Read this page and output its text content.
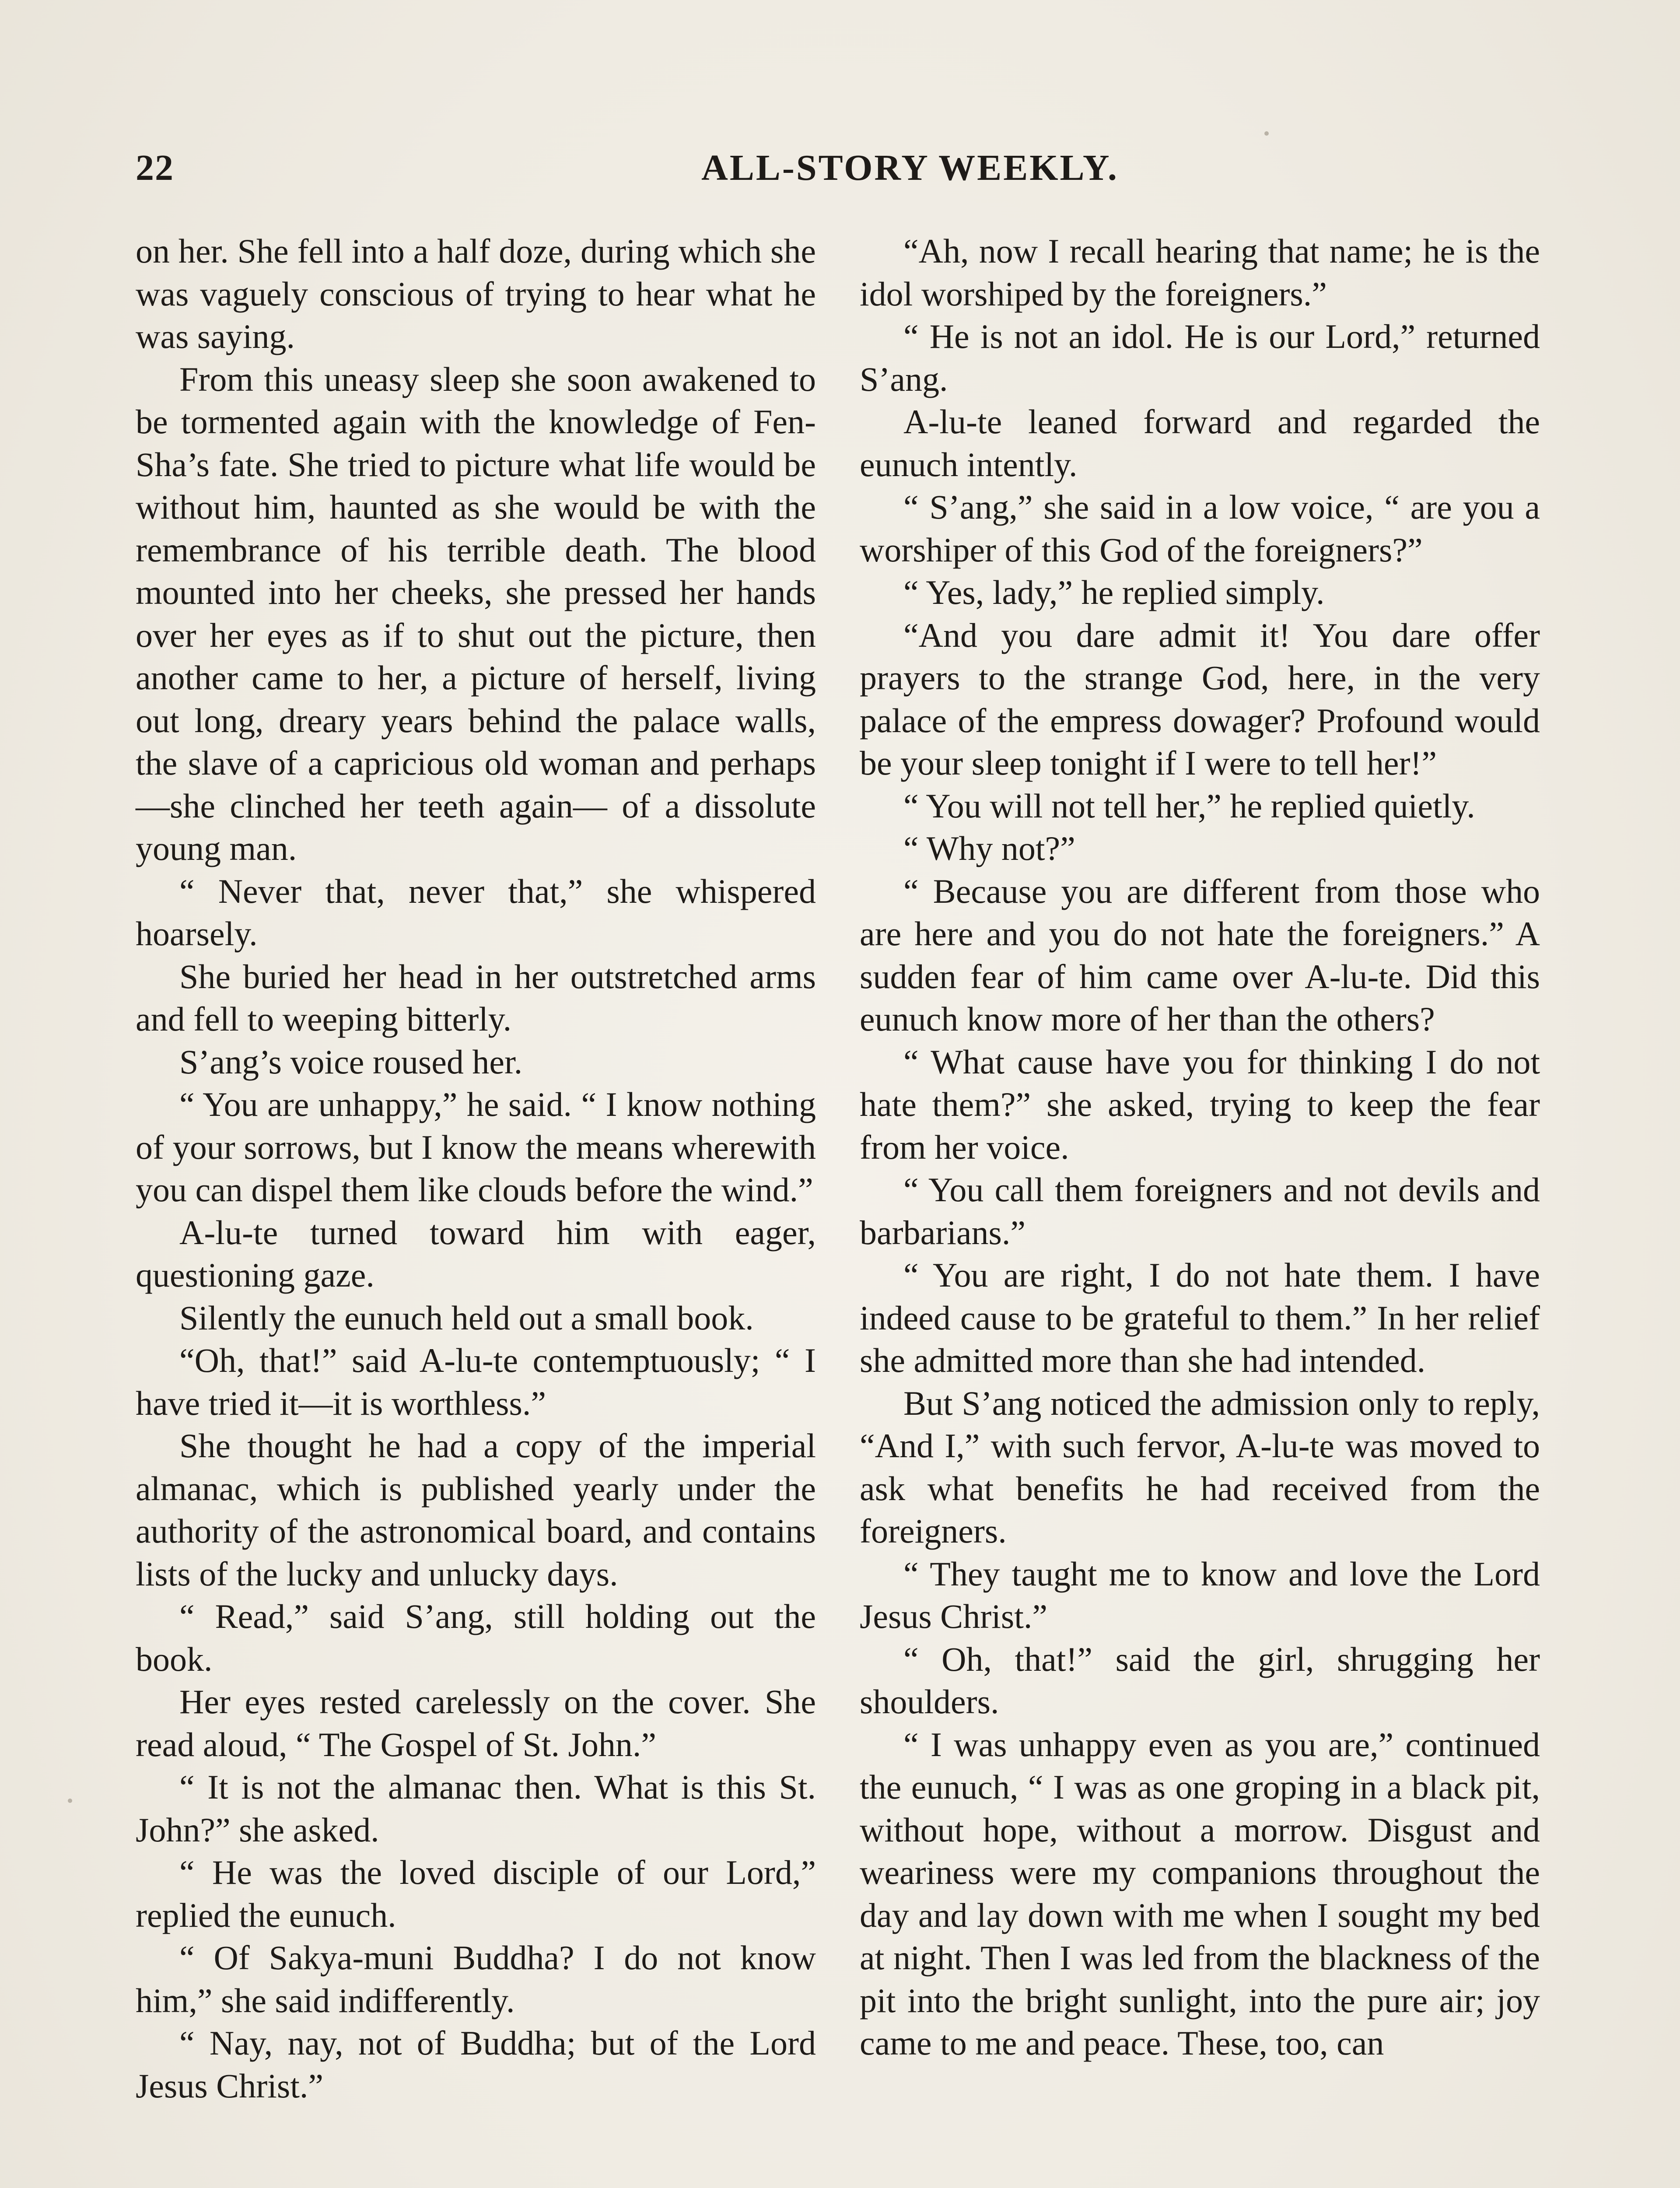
22	ALL-STORY WEEKLY.

on her. She fell into a half doze, during which she was vaguely conscious of trying to hear what he was saying.

From this uneasy sleep she soon awakened to be tormented again with the knowledge of Fen-Sha’s fate. She tried to picture what life would be without him, haunted as she would be with the remembrance of his terrible death. The blood mounted into her cheeks, she pressed her hands over her eyes as if to shut out the picture, then another came to her, a picture of herself, living out long, dreary years behind the palace walls, the slave of a capricious old woman and perhaps—she clinched her teeth again— of a dissolute young man.

“ Never that, never that,” she whispered hoarsely.

She buried her head in her outstretched arms and fell to weeping bitterly.

S’ang’s voice roused her.

“ You are unhappy,” he said. “ I know nothing of your sorrows, but I know the means wherewith you can dispel them like clouds before the wind.”

A-lu-te turned toward him with eager, questioning gaze.

Silently the eunuch held out a small book.

“Oh, that!” said A-lu-te contemptuously; “ I have tried it—it is worthless.”

She thought he had a copy of the imperial almanac, which is published yearly under the authority of the astronomical board, and contains lists of the lucky and unlucky days.

“ Read,” said S’ang, still holding out the book.

Her eyes rested carelessly on the cover. She read aloud, “ The Gospel of St. John.”

“ It is not the almanac then. What is this St. John?” she asked.

“ He was the loved disciple of our Lord,” replied the eunuch.

“ Of Sakya-muni Buddha? I do not know him,” she said indifferently.

“ Nay, nay, not of Buddha; but of the Lord Jesus Christ.”

“Ah, now I recall hearing that name; he is the idol worshiped by the foreigners.”

“ He is not an idol. He is our Lord,” returned S’ang.

A-lu-te leaned forward and regarded the eunuch intently.

“ S’ang,” she said in a low voice, “ are you a worshiper of this God of the foreigners?”

“ Yes, lady,” he replied simply.

“And you dare admit it! You dare offer prayers to the strange God, here, in the very palace of the empress dowager? Profound would be your sleep tonight if I were to tell her!”

“ You will not tell her,” he replied quietly.

“ Why not?”

“ Because you are different from those who are here and you do not hate the foreigners.” A sudden fear of him came over A-lu-te. Did this eunuch know more of her than the others?

“ What cause have you for thinking I do not hate them?” she asked, trying to keep the fear from her voice.

“ You call them foreigners and not devils and barbarians.”

“ You are right, I do not hate them. I have indeed cause to be grateful to them.” In her relief she admitted more than she had intended.

But S’ang noticed the admission only to reply, “And I,” with such fervor, A-lu-te was moved to ask what benefits he had received from the foreigners.

“ They taught me to know and love the Lord Jesus Christ.”

“ Oh, that!” said the girl, shrugging her shoulders.

“ I was unhappy even as you are,” continued the eunuch, “ I was as one groping in a black pit, without hope, without a morrow. Disgust and weariness were my companions throughout the day and lay down with me when I sought my bed at night. Then I was led from the blackness of the pit into the bright sunlight, into the pure air; joy came to me and peace. These, too, can
